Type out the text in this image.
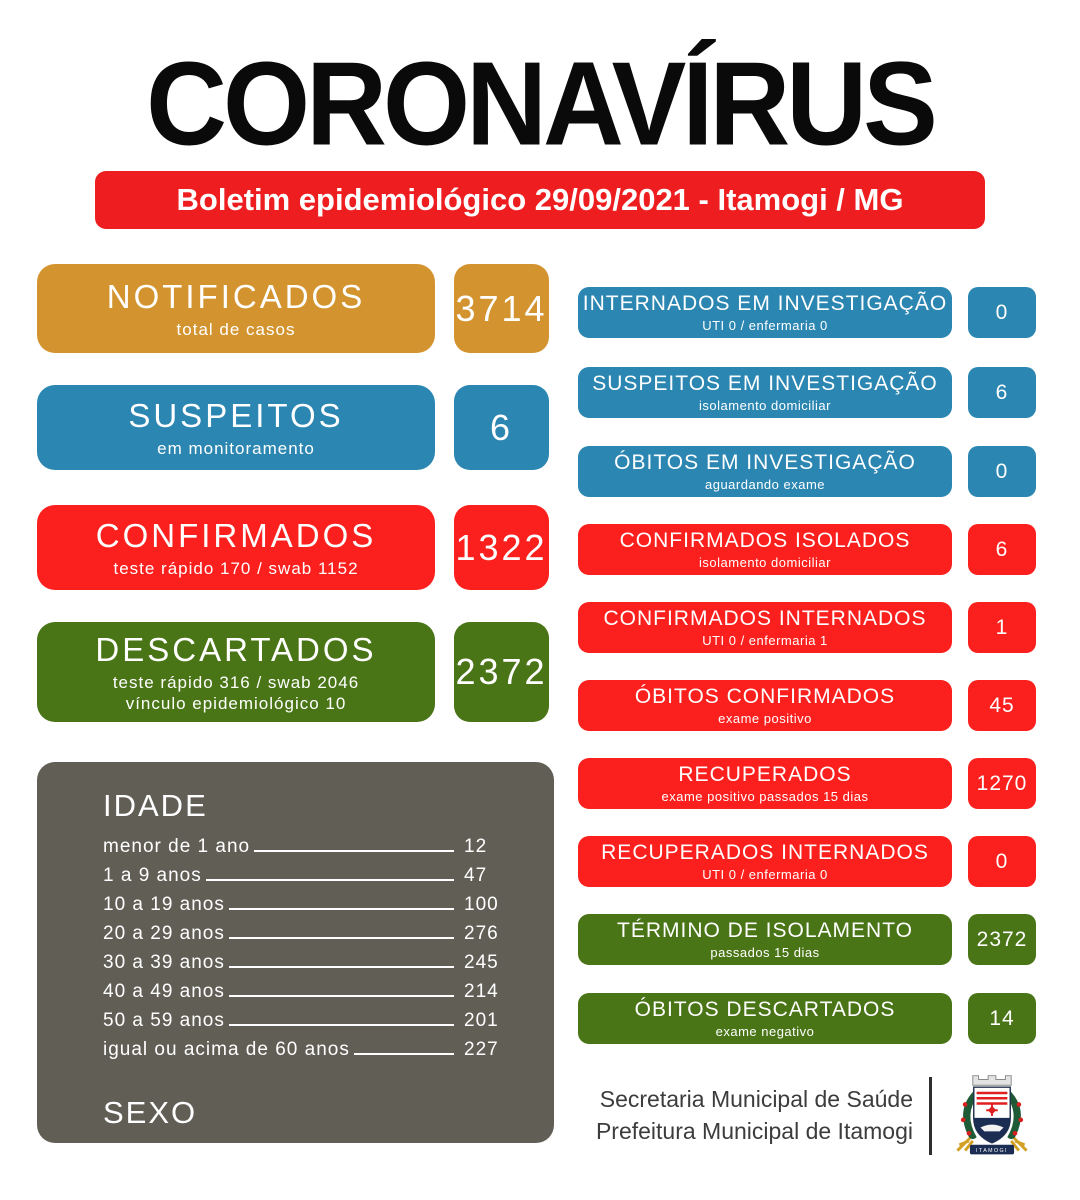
CORONAVÍRUS
Boletim epidemiológico 29/09/2021 - Itamogi / MG
NOTIFICADOS
total de casos
3714
SUSPEITOS
em monitoramento
6
CONFIRMADOS
teste rápido 170 / swab 1152
1322
DESCARTADOS
teste rápido 316 / swab 2046
vínculo epidemiológico 10
2372
IDADE
menor de 1 ano	12
1 a 9 anos	47
10 a 19 anos	100
20 a 29 anos	276
30 a 39 anos	245
40 a 49 anos	214
50 a 59 anos	201
igual ou acima de 60 anos	227
SEXO
masculino	590
feminino	732
INTERNADOS EM INVESTIGAÇÃO
UTI 0 / enfermaria 0
0
SUSPEITOS EM INVESTIGAÇÃO
isolamento domiciliar
6
ÓBITOS EM INVESTIGAÇÃO
aguardando exame
0
CONFIRMADOS ISOLADOS
isolamento domiciliar
6
CONFIRMADOS INTERNADOS
UTI 0 / enfermaria 1
1
ÓBITOS CONFIRMADOS
exame positivo
45
RECUPERADOS
exame positivo passados 15 dias
1270
RECUPERADOS INTERNADOS
UTI 0 / enfermaria 0
0
TÉRMINO DE ISOLAMENTO
passados 15 dias
2372
ÓBITOS DESCARTADOS
exame negativo
14
Secretaria Municipal de Saúde
Prefeitura Municipal de Itamogi
ITAMOGI
